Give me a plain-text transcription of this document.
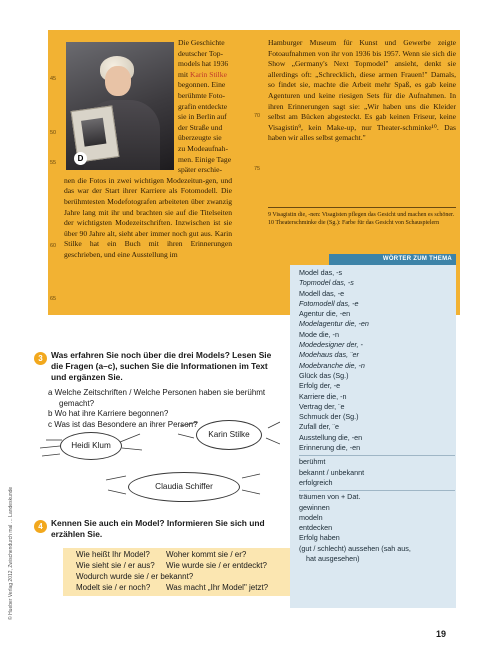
D

Die Geschichte

deutscher Top-

models hat 1936

mit Karin Stilke

begonnen. Eine

berühmte Foto-

grafin entdeckte

sie in Berlin auf

der Straße und

überzeugte sie

zu Modeaufnah-

men. Einige Tage

später erschie-

nen die Fotos in zwei wichtigen Modezeitun-gen, und das war der Start ihrer Karriere als Fotomodell. Die berühmtesten Modefotografen arbeiteten über zwanzig Jahre lang mit ihr und brachten sie auf die Titelseiten der wichtigsten Modezeitschriften. Inzwischen ist sie über 90 Jahre alt, sieht aber immer noch gut aus. Karin Stilke hat ein Buch mit ihren Erinnerungen geschrieben, und eine Ausstellung im

Hamburger Museum für Kunst und Gewerbe zeigte Fotoaufnahmen von ihr von 1936 bis 1957. Wenn sie sich die Show „Germany's Next Topmodel" ansieht, denkt sie allerdings oft: „Schrecklich, diese armen Frauen!" Damals, so findet sie, machte die Arbeit mehr Spaß, es gab keine Agenturen und keine riesigen Sets für die Aufnahmen. In ihren Erinnerungen sagt sie: „Wir haben uns die Kleider selbst am Bücken abgesteckt. Es gab keinen Friseur, keine Visagistin⁹, kein Make-up, nur Theater-schminke¹⁰. Das haben wir alles selbst gemacht."

45
50
55
60
65
70
75
9 Visagistin die, -nen: Visagisten pflegen das Gesicht und machen es schöner.
10 Theaterschminke die (Sg.): Farbe für das Gesicht von Schauspielern
3 Was erfahren Sie noch über die drei Models? Lesen Sie die Fragen (a–c), suchen Sie die Informationen im Text und ergänzen Sie.
a Welche Zeitschriften / Welche Personen haben sie berühmt gemacht?
b Wo hat ihre Karriere begonnen?
c Was ist das Besondere an ihrer Person?
Heidi Klum
Karin Stilke
Claudia Schiffer
4 Kennen Sie auch ein Model? Informieren Sie sich und erzählen Sie.
Wie heißt Ihr Model? Woher kommt sie / er?
Wie sieht sie / er aus? Wie wurde sie / er entdeckt?
Wodurch wurde sie / er bekannt?
Modelt sie / er noch? Was macht „Ihr Model" jetzt?
WÖRTER ZUM THEMA
Model das, -s
Topmodel das, -s
Modell das, -e
Fotomodell das, -e
Agentur die, -en
Modelagentur die, -en
Mode die, -n
Modedesigner der, -
Modehaus das, ¨er
Modebranche die, -n
Glück das (Sg.)
Erfolg der, -e
Karriere die, -n
Vertrag der, ¨e
Schmuck der (Sg.)
Zufall der, ¨e
Ausstellung die, -en
Erinnerung die, -en
berühmt
bekannt / unbekannt
erfolgreich
träumen von + Dat.
gewinnen
modeln
entdecken
Erfolg haben
(gut / schlecht) aussehen (sah aus,
hat ausgesehen)
© Hueber Verlag 2012, Zwischendurch mal … Landeskunde
19
